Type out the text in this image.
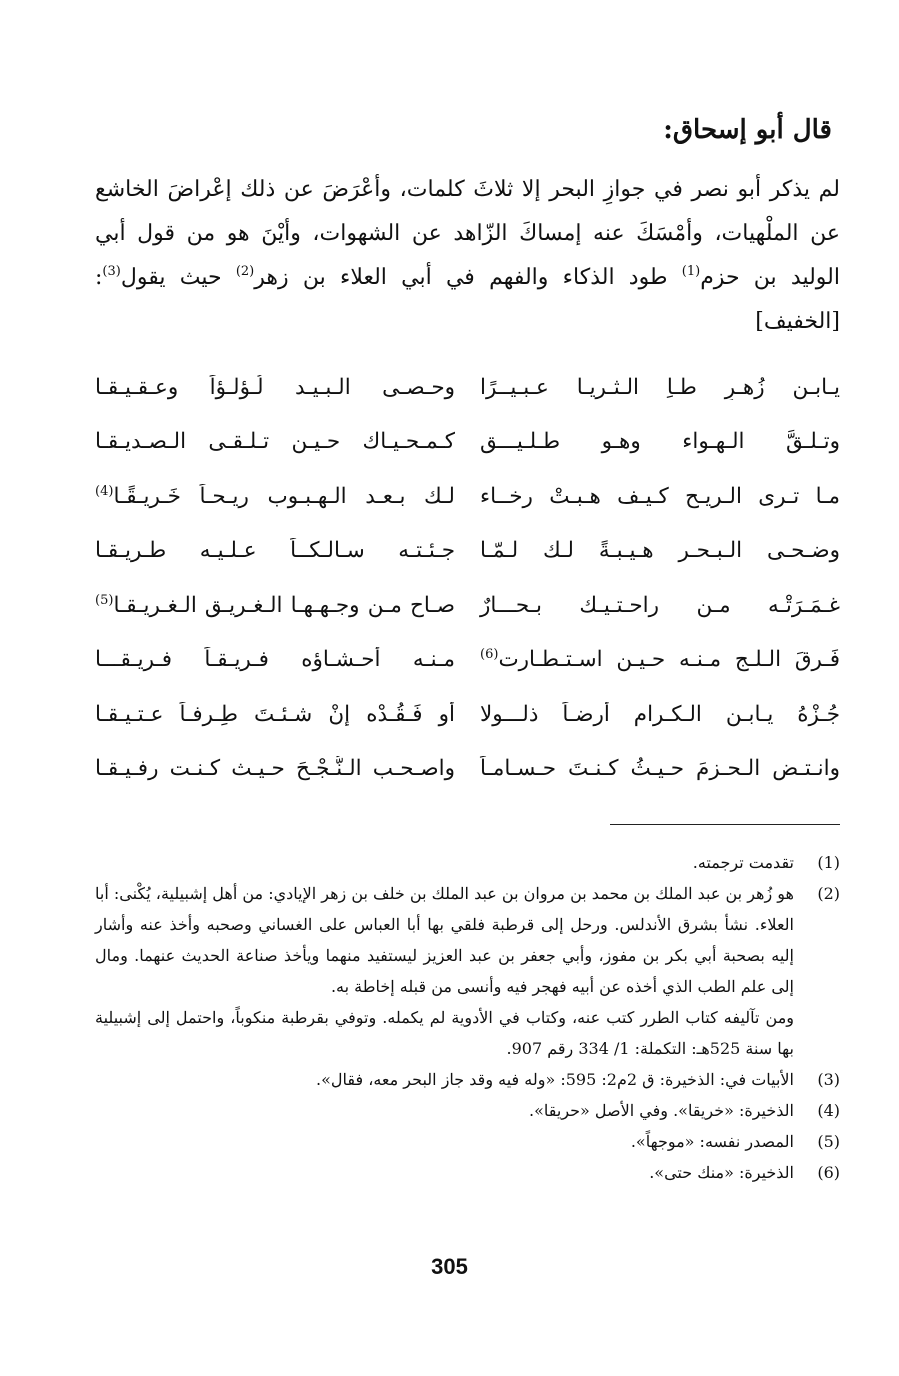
قال أبو إسحاق:

لم يذكر أبو نصر في جوازِ البحر إلا ثلاثَ كلمات، وأعْرَضَ عن ذلك إعْراضَ الخاشع عن الملْهيات، وأمْسَكَ عنه إمساكَ الزّاهد عن الشهوات، وأيْنَ هو من قول أبي الوليد بن حزم$^{(1)}$ طود الذكاء والفهم في أبي العلاء بن زهر$^{(2)}$ حيث يقول$^{(3)}$: [الخفيف]

يـابـن زُهـرٍ طـاِ الـثـريـا عـبـيــرًا
وحـصـى الـبـيـد لُـؤلـؤاً وعـقـيـقـا
وتـلـقَّ الـهـواء وهـو طـلـيـــق
كـمـحـيـاك حـيـن تـلـقـى الـصـديـقـا
مـا تـرى الـريـح كـيـف هـبـتْ رخــاء
لـك بـعـد الـهـبـوب ريـحـاً خَـريـقًـا$^{(4)}$
وضـحـى الـبـحـر هـيـبـةً لـك لـمّـا
جـئـتـه سـالـكــاً عـلـيـه طـريـقـا
غـمَـرَتْـه مـن راحـتـيـك بـحـــارٌ
صـاح مـن وجـهـهـا الـغـريـق الـغـريـقـا$^{(5)}$
فَـرِقَ الـلـج مـنـه حـيـن اسـتـطـارت$^{(6)}$
مـنـه أحـشـاؤه فـريـقـاً فـريـقـــا
جُـزْهُ يـابـن الـكـرام أرضـاً ذلـــولا
أو فَـقُـدْه إنْ شـئـتَ طِـرفـاً عـتـيـقـا
وانـتـض الـحـزمَ حـيـثُ كـنـتَ حـسـامـاً
واصـحـب الـنُّـجْـحَ حـيـث كـنـت رفـيـقـا
(1)
تقدمت ترجمته.
(2)
هو زُهر بن عبد الملك بن محمد بن مروان بن عبد الملك بن خلف بن زهر الإيادي: من أهل إشبيلية، يُكْنى: أبا العلاء. نشأ بشرق الأندلس. ورحل إلى قرطبة فلقي بها أبا العباس على الغساني وصحبه وأخذ عنه وأشار إليه بصحبة أبي بكر بن مفوز، وأبي جعفر بن عبد العزيز ليستفيد منهما ويأخذ صناعة الحديث عنهما. ومال إلى علم الطب الذي أخذه عن أبيه فهجر فيه وأنسى من قبله إخاطة به.
ومن تآليفه كتاب الطرر كتب عنه، وكتاب في الأدوية لم يكمله. وتوفي بقرطبة منكوباً، واحتمل إلى إشبيلية بها سنة 525هـ: التكملة: 1/ 334 رقم 907.
(3)
الأبيات في: الذخيرة: ق 2م2: 595: «وله فيه وقد جاز البحر معه، فقال».
(4)
الذخيرة: «خريقا». وفي الأصل «حريقا».
(5)
المصدر نفسه: «موجهاً».
(6)
الذخيرة: «منك حتى».
305
